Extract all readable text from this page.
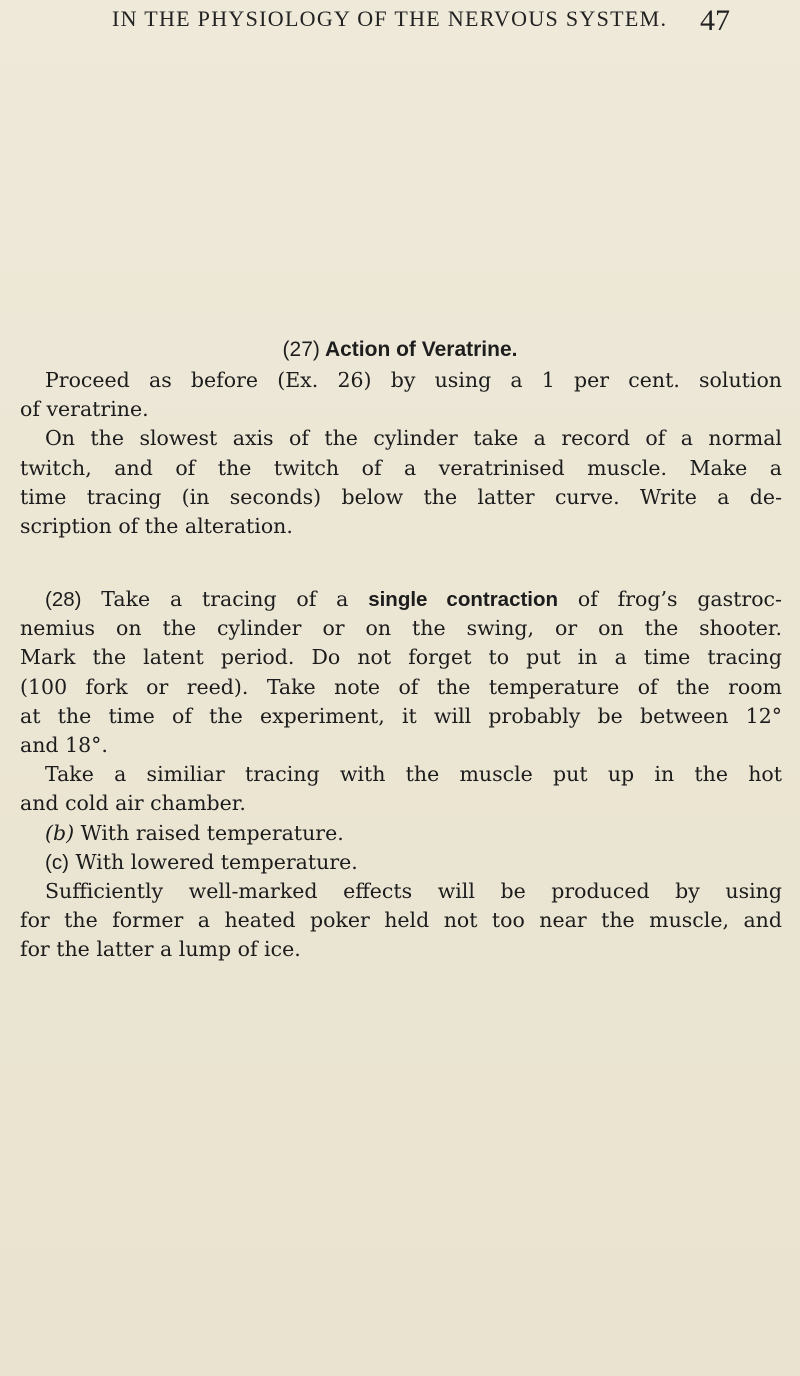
IN THE PHYSIOLOGY OF THE NERVOUS SYSTEM. 47
(27) Action of Veratrine.
Proceed as before (Ex. 26) by using a 1 per cent. solution
of veratrine.
On the slowest axis of the cylinder take a record of a normal
twitch, and of the twitch of a veratrinised muscle. Make a
time tracing (in seconds) below the latter curve. Write a de-
scription of the alteration.
(28) Take a tracing of a single contraction of frog’s gastroc-
nemius on the cylinder or on the swing, or on the shooter.
Mark the latent period. Do not forget to put in a time tracing
(100 fork or reed). Take note of the temperature of the room
at the time of the experiment, it will probably be between 12°
and 18°.
Take a similiar tracing with the muscle put up in the hot
and cold air chamber.
(b) With raised temperature.
(c) With lowered temperature.
Sufficiently well-marked effects will be produced by using
for the former a heated poker held not too near the muscle, and
for the latter a lump of ice.
